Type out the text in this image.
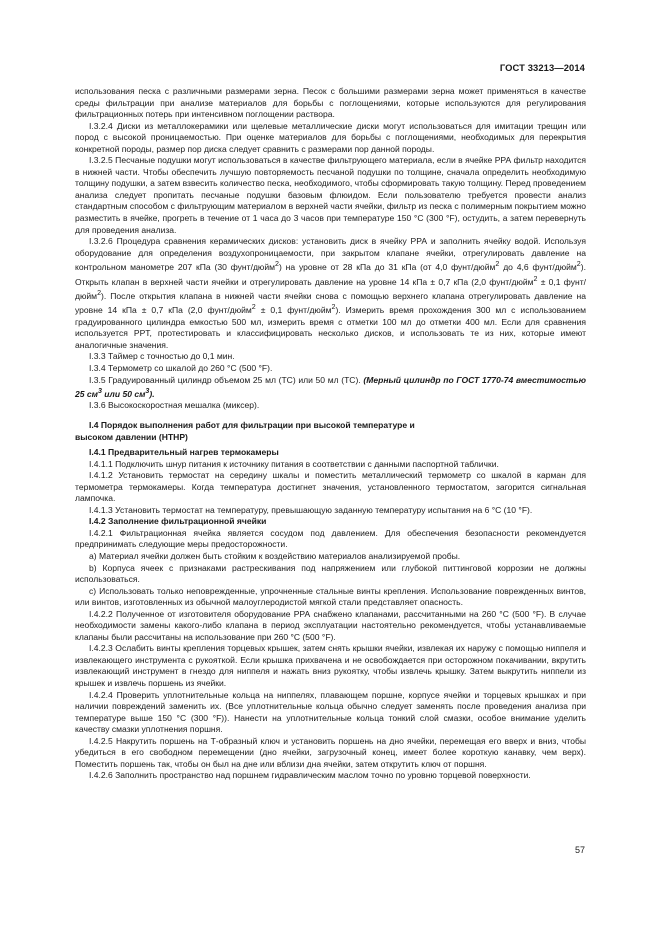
ГОСТ 33213—2014

использования песка с различными размерами зерна. Песок с большими размерами зерна может применяться в качестве среды фильтрации при анализе материалов для борьбы с поглощениями, которые используются для регулирования фильтрационных потерь при интенсивном поглощении раствора.

I.3.2.4 Диски из металлокерамики или щелевые металлические диски могут использоваться для имитации трещин или пород с высокой проницаемостью. При оценке материалов для борьбы с поглощениями, необходимых для перекрытия конкретной породы, размер пор диска следует сравнить с размерами пор данной породы.

I.3.2.5 Песчаные подушки могут использоваться в качестве фильтрующего материала, если в ячейке РРА фильтр находится в нижней части. Чтобы обеспечить лучшую повторяемость песчаной подушки по толщине, сначала определить необходимую толщину подушки, а затем взвесить количество песка, необходимого, чтобы сформировать такую толщину. Перед проведением анализа следует пропитать песчаные подушки базовым флюидом. Если пользователю требуется провести анализ стандартным способом с фильтрующим материалом в верхней части ячейки, фильтр из песка с полимерным покрытием можно разместить в ячейке, прогреть в течение от 1 часа до 3 часов при температуре 150 °С (300 °F), остудить, а затем перевернуть для проведения анализа.

I.3.2.6 Процедура сравнения керамических дисков: установить диск в ячейку РРА и заполнить ячейку водой. Используя оборудование для определения воздухопроницаемости, при закрытом клапане ячейки, отрегулировать давление на контрольном манометре 207 кПа (30 фунт/дюйм$^2$) на уровне от 28 кПа до 31 кПа (от 4,0 фунт/дюйм$^2$ до 4,6 фунт/дюйм$^2$). Открыть клапан в верхней части ячейки и отрегулировать давление на уровне 14 кПа ± 0,7 кПа (2,0 фунт/дюйм$^2$ ± 0,1 фунт/дюйм$^2$). После открытия клапана в нижней части ячейки снова с помощью верхнего клапана отрегулировать давление на уровне 14 кПа ± 0,7 кПа (2,0 фунт/дюйм$^2$ ± 0,1 фунт/дюйм$^2$). Измерить время прохождения 300 мл с использованием градуированного цилиндра емкостью 500 мл, измерить время с отметки 100 мл до отметки 400 мл. Если для сравнения используется PPT, протестировать и классифицировать несколько дисков, и использовать те из них, которые имеют аналогичные значения.

I.3.3 Таймер с точностью до 0,1 мин.

I.3.4 Термометр со шкалой до 260 °С (500 °F).

I.3.5 Градуированный цилиндр объемом 25 мл (ТС) или 50 мл (ТС). (Мерный цилиндр по ГОСТ 1770-74 вместимостью 25 $см^3$ или 50 $см^3$).

I.3.6 Высокоскоростная мешалка (миксер).

I.4 Порядок выполнения работ для фильтрации при высокой температуре и высоком давлении (HTHP)

I.4.1 Предварительный нагрев термокамеры

I.4.1.1 Подключить шнур питания к источнику питания в соответствии с данными паспортной таблички.

I.4.1.2 Установить термостат на середину шкалы и поместить металлический термометр со шкалой в карман для термометра термокамеры. Когда температура достигнет значения, установленного термостатом, загорится сигнальная лампочка.

I.4.1.3 Установить термостат на температуру, превышающую заданную температуру испытания на 6 °С (10 °F).

I.4.2 Заполнение фильтрационной ячейки

I.4.2.1 Фильтрационная ячейка является сосудом под давлением. Для обеспечения безопасности рекомендуется предпринимать следующие меры предосторожности.

a) Материал ячейки должен быть стойким к воздействию материалов анализируемой пробы.

b) Корпуса ячеек с признаками растрескивания под напряжением или глубокой питтинговой коррозии не должны использоваться.

с) Использовать только неповрежденные, упрочненные стальные винты крепления. Использование поврежденных винтов, или винтов, изготовленных из обычной малоуглеродистой мягкой стали представляет опасность.

I.4.2.2 Полученное от изготовителя оборудование РРА снабжено клапанами, рассчитанными на 260 °С (500 °F). В случае необходимости замены какого-либо клапана в период эксплуатации настоятельно рекомендуется, чтобы устанавливаемые клапаны были рассчитаны на использование при 260 °С (500 °F).

I.4.2.3 Ослабить винты крепления торцевых крышек, затем снять крышки ячейки, извлекая их наружу с помощью ниппеля и извлекающего инструмента с рукояткой. Если крышка прихвачена и не освобождается при осторожном покачивании, вкрутить извлекающий инструмент в гнездо для ниппеля и нажать вниз рукоятку, чтобы извлечь крышку. Затем выкрутить ниппели из крышек и извлечь поршень из ячейки.

I.4.2.4 Проверить уплотнительные кольца на ниппелях, плавающем поршне, корпусе ячейки и торцевых крышках и при наличии повреждений заменить их. (Все уплотнительные кольца обычно следует заменять после проведения анализа при температуре выше 150 °С (300 °F)). Нанести на уплотнительные кольца тонкий слой смазки, особое внимание уделить качеству смазки уплотнения поршня.

I.4.2.5 Накрутить поршень на Т-образный ключ и установить поршень на дно ячейки, перемещая его вверх и вниз, чтобы убедиться в его свободном перемещении (дно ячейки, загрузочный конец, имеет более короткую канавку, чем верх). Поместить поршень так, чтобы он был на дне или вблизи дна ячейки, затем открутить ключ от поршня.

I.4.2.6 Заполнить пространство над поршнем гидравлическим маслом точно по уровню торцевой поверхности.

57
